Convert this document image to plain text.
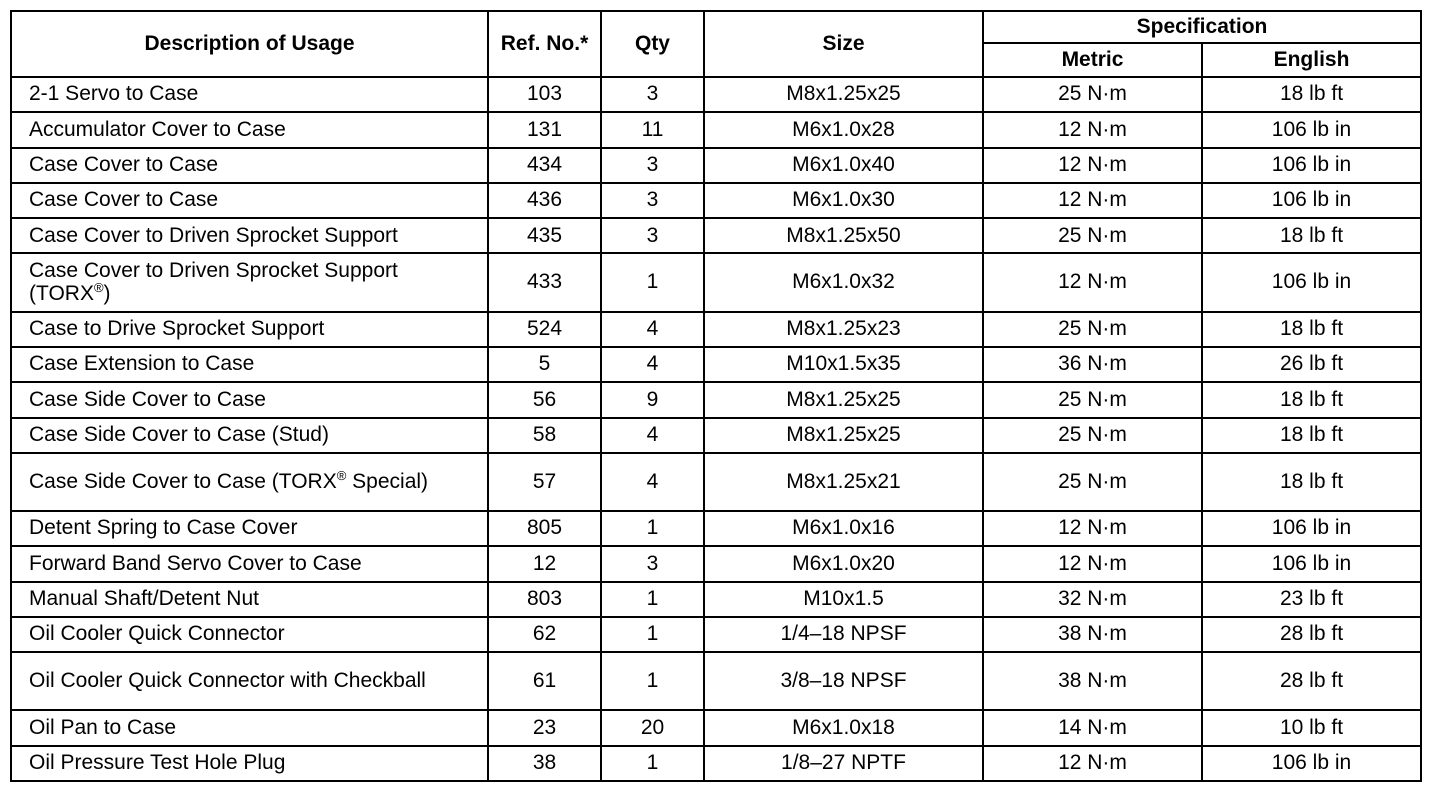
Description of Usage	Ref. No.*	Qty	Size	Specification	
				Metric	English
2-1 Servo to Case	103	3	M8x1.25x25	25 N·m	18 lb ft
Accumulator Cover to Case	131	11	M6x1.0x28	12 N·m	106 lb in
Case Cover to Case	434	3	M6x1.0x40	12 N·m	106 lb in
Case Cover to Case	436	3	M6x1.0x30	12 N·m	106 lb in
Case Cover to Driven Sprocket Support	435	3	M8x1.25x50	25 N·m	18 lb ft
Case Cover to Driven Sprocket Support (TORX®)	433	1	M6x1.0x32	12 N·m	106 lb in
Case to Drive Sprocket Support	524	4	M8x1.25x23	25 N·m	18 lb ft
Case Extension to Case	5	4	M10x1.5x35	36 N·m	26 lb ft
Case Side Cover to Case	56	9	M8x1.25x25	25 N·m	18 lb ft
Case Side Cover to Case (Stud)	58	4	M8x1.25x25	25 N·m	18 lb ft
Case Side Cover to Case (TORX® Special)	57	4	M8x1.25x21	25 N·m	18 lb ft
Detent Spring to Case Cover	805	1	M6x1.0x16	12 N·m	106 lb in
Forward Band Servo Cover to Case	12	3	M6x1.0x20	12 N·m	106 lb in
Manual Shaft/Detent Nut	803	1	M10x1.5	32 N·m	23 lb ft
Oil Cooler Quick Connector	62	1	1/4–18 NPSF	38 N·m	28 lb ft
Oil Cooler Quick Connector with Checkball	61	1	3/8–18 NPSF	38 N·m	28 lb ft
Oil Pan to Case	23	20	M6x1.0x18	14 N·m	10 lb ft
Oil Pressure Test Hole Plug	38	1	1/8–27 NPTF	12 N·m	106 lb in
